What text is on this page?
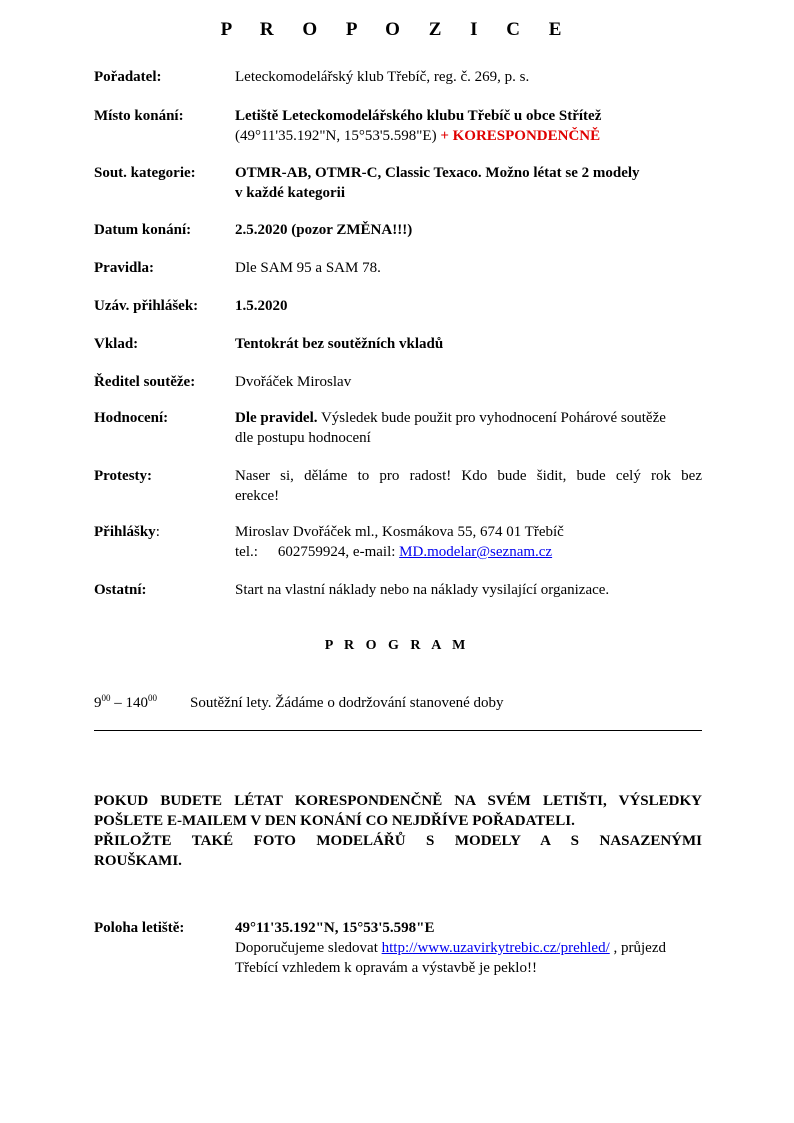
P R O P O Z I C E
Pořadatel:	Leteckomodelářský klub Třebíč, reg. č. 269, p. s.
Místo konání:	Letiště Leteckomodelářského klubu Třebíč u obce Střítež
(49°11'35.192"N, 15°53'5.598"E) + KORESPONDENČNĚ
Sout. kategorie:	OTMR-AB, OTMR-C, Classic Texaco. Možno létat se 2 modely
v každé kategorii
Datum konání:	2.5.2020 (pozor ZMĚNA!!!)
Pravidla:	Dle SAM 95 a SAM 78.
Uzáv. přihlášek: 1.5.2020
Vklad:	Tentokrát bez soutěžních vkladů
Ředitel soutěže:	Dvořáček Miroslav
Hodnocení:	Dle pravidel. Výsledek bude použit pro vyhodnocení Pohárové soutěže
dle postupu hodnocení
Protesty:	Naser si, děláme to pro radost! Kdo bude šidit, bude celý rok bez
erekce!
Přihlášky:	Miroslav Dvořáček ml., Kosmákova 55, 674 01 Třebíč
tel.: 602759924, e-mail: MD.modelar@seznam.cz
Ostatní:	Start na vlastní náklady nebo na náklady vysilající organizace.
P R O G R A M
$9^{00} - 140^{00}$ Soutěžní lety. Žádáme o dodržování stanovené doby

POKUD BUDETE LÉTAT KORESPONDENČNĚ NA SVÉM LETIŠTI, VÝSLEDKY

POŠLETE E-MAILEM V DEN KONÁNÍ CO NEJDŘÍVE POŘADATELI.

PŘILOŽTE TAKÉ FOTO MODELÁŘŮ S MODELY A S NASAZENÝMI

ROUŠKAMI.

Poloha letiště:	49°11'35.192"N, 15°53'5.598"E
Doporučujeme sledovat http://www.uzavirkytrebic.cz/prehled/ , průjezd
Třebící vzhledem k opravám a výstavbě je peklo!!
